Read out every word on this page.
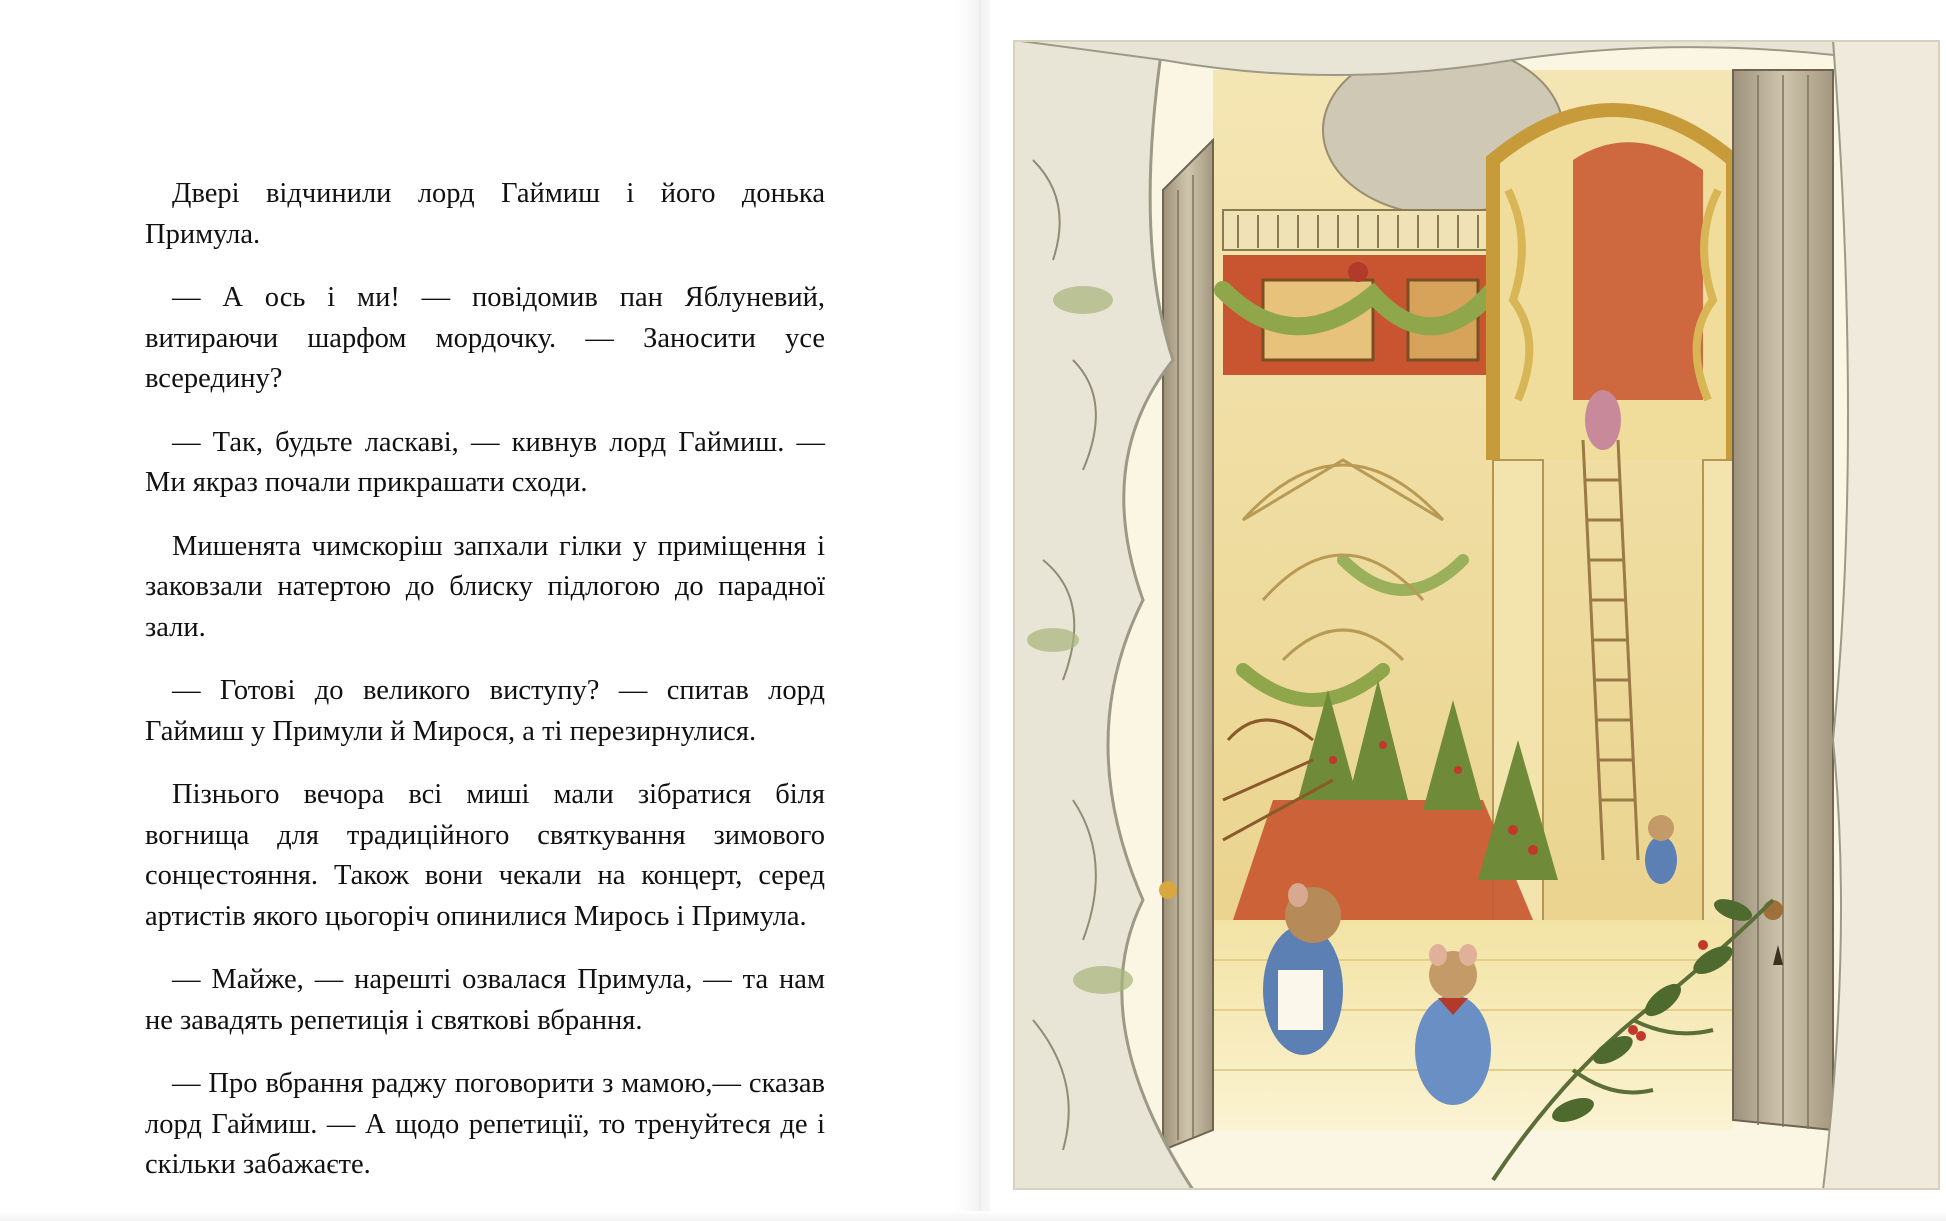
Двері відчинили лорд Гаймиш і його донька Примула.

— А ось і ми! — повідомив пан Яблуневий, витираючи шарфом мордочку. — Заносити усе всередину?

— Так, будьте ласкаві, — кивнув лорд Гаймиш. — Ми якраз почали прикрашати сходи.

Мишенята чимскоріш запхали гілки у приміщення і заковзали натертою до блиску підлогою до парадної зали.

— Готові до великого виступу? — спитав лорд Гаймиш у Примули й Мирося, а ті перезирнулися.

Пізнього вечора всі миші мали зібратися біля вогнища для традиційного святкування зимового сонцестояння. Також вони чекали на концерт, серед артистів якого цьогоріч опинилися Мирось і Примула.

— Майже, — нарешті озвалася Примула, — та нам не завадять репетиція і святкові вбрання.

— Про вбрання раджу поговорити з мамою,— сказав лорд Гаймиш. — А щодо репетиції, то тренуйтеся де і скільки забажаєте.
